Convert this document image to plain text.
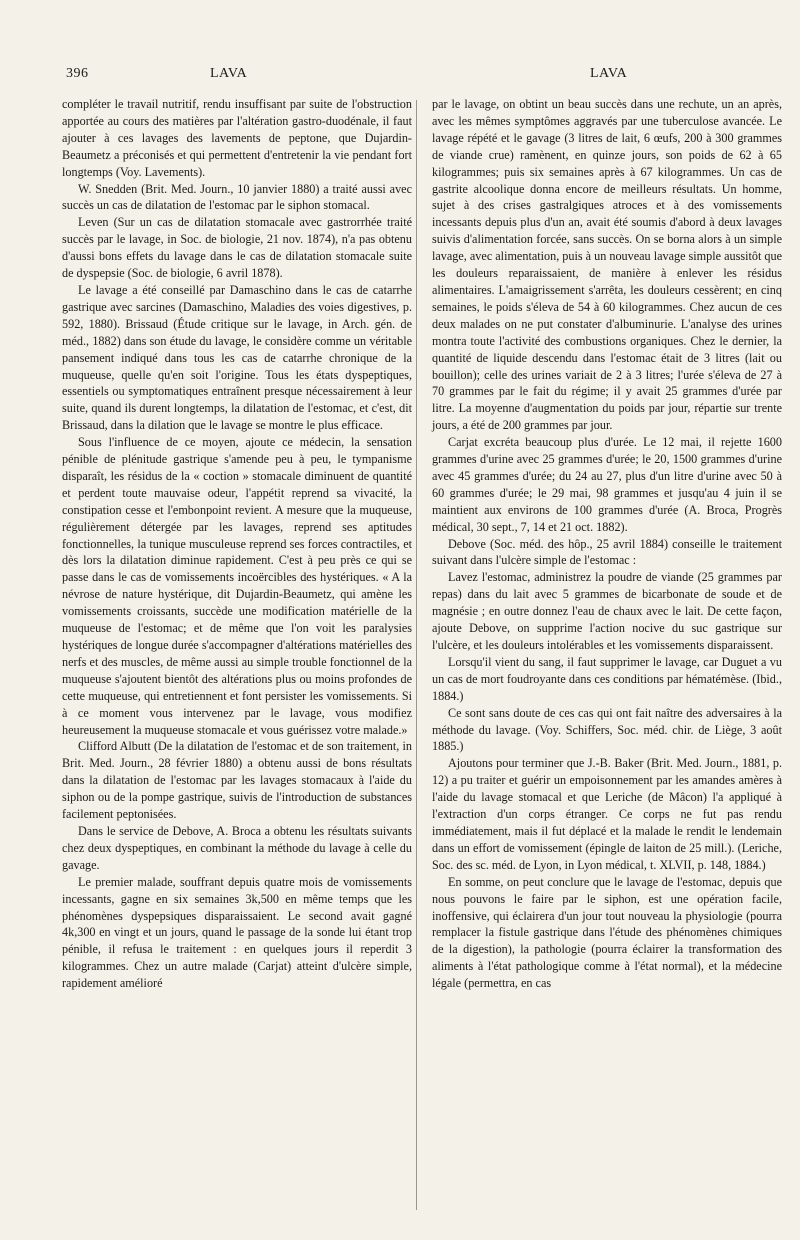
396	LAVA	LAVA

compléter le travail nutritif, rendu insuffisant par suite de l'obstruction apportée au cours des matières par l'altération gastro-duodénale, il faut ajouter à ces lavages des lavements de peptone, que Dujardin-Beaumetz a préconisés et qui permettent d'entretenir la vie pendant fort longtemps (Voy. Lavements).

W. Snedden (Brit. Med. Journ., 10 janvier 1880) a traité aussi avec succès un cas de dilatation de l'estomac par le siphon stomacal.

Leven (Sur un cas de dilatation stomacale avec gastrorrhée traité succès par le lavage, in Soc. de biologie, 21 nov. 1874), n'a pas obtenu d'aussi bons effets du lavage dans le cas de dilatation stomacale suite de dyspepsie (Soc. de biologie, 6 avril 1878).

Le lavage a été conseillé par Damaschino dans le cas de catarrhe gastrique avec sarcines (Damaschino, Maladies des voies digestives, p. 592, 1880). Brissaud (Étude critique sur le lavage, in Arch. gén. de méd., 1882) dans son étude du lavage, le considère comme un véritable pansement indiqué dans tous les cas de catarrhe chronique de la muqueuse, quelle qu'en soit l'origine. Tous les états dyspeptiques, essentiels ou symptomatiques entraînent presque nécessairement à leur suite, quand ils durent longtemps, la dilatation de l'estomac, et c'est, dit Brissaud, dans la dilation que le lavage se montre le plus efficace.

Sous l'influence de ce moyen, ajoute ce médecin, la sensation pénible de plénitude gastrique s'amende peu à peu, le tympanisme disparaît, les résidus de la « coction » stomacale diminuent de quantité et perdent toute mauvaise odeur, l'appétit reprend sa vivacité, la constipation cesse et l'embonpoint revient. A mesure que la muqueuse, régulièrement détergée par les lavages, reprend ses aptitudes fonctionnelles, la tunique musculeuse reprend ses forces contractiles, et dès lors la dilatation diminue rapidement. C'est à peu près ce qui se passe dans le cas de vomissements incoërcibles des hystériques. « A la névrose de nature hystérique, dit Dujardin-Beaumetz, qui amène les vomissements croissants, succède une modification matérielle de la muqueuse de l'estomac; et de même que l'on voit les paralysies hystériques de longue durée s'accompagner d'altérations matérielles des nerfs et des muscles, de même aussi au simple trouble fonctionnel de la muqueuse s'ajoutent bientôt des altérations plus ou moins profondes de cette muqueuse, qui entretiennent et font persister les vomissements. Si à ce moment vous intervenez par le lavage, vous modifiez heureusement la muqueuse stomacale et vous guérissez votre malade.»

Clifford Albutt (De la dilatation de l'estomac et de son traitement, in Brit. Med. Journ., 28 février 1880) a obtenu aussi de bons résultats dans la dilatation de l'estomac par les lavages stomacaux à l'aide du siphon ou de la pompe gastrique, suivis de l'introduction de substances facilement peptonisées.

Dans le service de Debove, A. Broca a obtenu les résultats suivants chez deux dyspeptiques, en combinant la méthode du lavage à celle du gavage.

Le premier malade, souffrant depuis quatre mois de vomissements incessants, gagne en six semaines 3k,500 en même temps que les phénomènes dyspepsiques disparaissaient. Le second avait gagné 4k,300 en vingt et un jours, quand le passage de la sonde lui étant trop pénible, il refusa le traitement : en quelques jours il reperdit 3 kilogrammes. Chez un autre malade (Carjat) atteint d'ulcère simple, rapidement amélioré

par le lavage, on obtint un beau succès dans une rechute, un an après, avec les mêmes symptômes aggravés par une tuberculose avancée. Le lavage répété et le gavage (3 litres de lait, 6 œufs, 200 à 300 grammes de viande crue) ramènent, en quinze jours, son poids de 62 à 65 kilogrammes; puis six semaines après à 67 kilogrammes. Un cas de gastrite alcoolique donna encore de meilleurs résultats. Un homme, sujet à des crises gastralgiques atroces et à des vomissements incessants depuis plus d'un an, avait été soumis d'abord à deux lavages suivis d'alimentation forcée, sans succès. On se borna alors à un simple lavage, avec alimentation, puis à un nouveau lavage simple aussitôt que les douleurs reparaissaient, de manière à enlever les résidus alimentaires. L'amaigrissement s'arrêta, les douleurs cessèrent; en cinq semaines, le poids s'éleva de 54 à 60 kilogrammes. Chez aucun de ces deux malades on ne put constater d'albuminurie. L'analyse des urines montra toute l'activité des combustions organiques. Chez le dernier, la quantité de liquide descendu dans l'estomac était de 3 litres (lait ou bouillon); celle des urines variait de 2 à 3 litres; l'urée s'éleva de 27 à 70 grammes par le fait du régime; il y avait 25 grammes d'urée par litre. La moyenne d'augmentation du poids par jour, répartie sur trente jours, a été de 200 grammes par jour.

Carjat excréta beaucoup plus d'urée. Le 12 mai, il rejette 1600 grammes d'urine avec 25 grammes d'urée; le 20, 1500 grammes d'urine avec 45 grammes d'urée; du 24 au 27, plus d'un litre d'urine avec 50 à 60 grammes d'urée; le 29 mai, 98 grammes et jusqu'au 4 juin il se maintient aux environs de 100 grammes d'urée (A. Broca, Progrès médical, 30 sept., 7, 14 et 21 oct. 1882).

Debove (Soc. méd. des hôp., 25 avril 1884) conseille le traitement suivant dans l'ulcère simple de l'estomac :

Lavez l'estomac, administrez la poudre de viande (25 grammes par repas) dans du lait avec 5 grammes de bicarbonate de soude et de magnésie ; en outre donnez l'eau de chaux avec le lait. De cette façon, ajoute Debove, on supprime l'action nocive du suc gastrique sur l'ulcère, et les douleurs intolérables et les vomissements disparaissent.

Lorsqu'il vient du sang, il faut supprimer le lavage, car Duguet a vu un cas de mort foudroyante dans ces conditions par hématémèse. (Ibid., 1884.)

Ce sont sans doute de ces cas qui ont fait naître des adversaires à la méthode du lavage. (Voy. Schiffers, Soc. méd. chir. de Liège, 3 août 1885.)

Ajoutons pour terminer que J.-B. Baker (Brit. Med. Journ., 1881, p. 12) a pu traiter et guérir un empoisonnement par les amandes amères à l'aide du lavage stomacal et que Leriche (de Mâcon) l'a appliqué à l'extraction d'un corps étranger. Ce corps ne fut pas rendu immédiatement, mais il fut déplacé et la malade le rendit le lendemain dans un effort de vomissement (épingle de laiton de 25 mill.). (Leriche, Soc. des sc. méd. de Lyon, in Lyon médical, t. XLVII, p. 148, 1884.)

En somme, on peut conclure que le lavage de l'estomac, depuis que nous pouvons le faire par le siphon, est une opération facile, inoffensive, qui éclairera d'un jour tout nouveau la physiologie (pourra remplacer la fistule gastrique dans l'étude des phénomènes chimiques de la digestion), la pathologie (pourra éclairer la transformation des aliments à l'état pathologique comme à l'état normal), et la médecine légale (permettra, en cas
